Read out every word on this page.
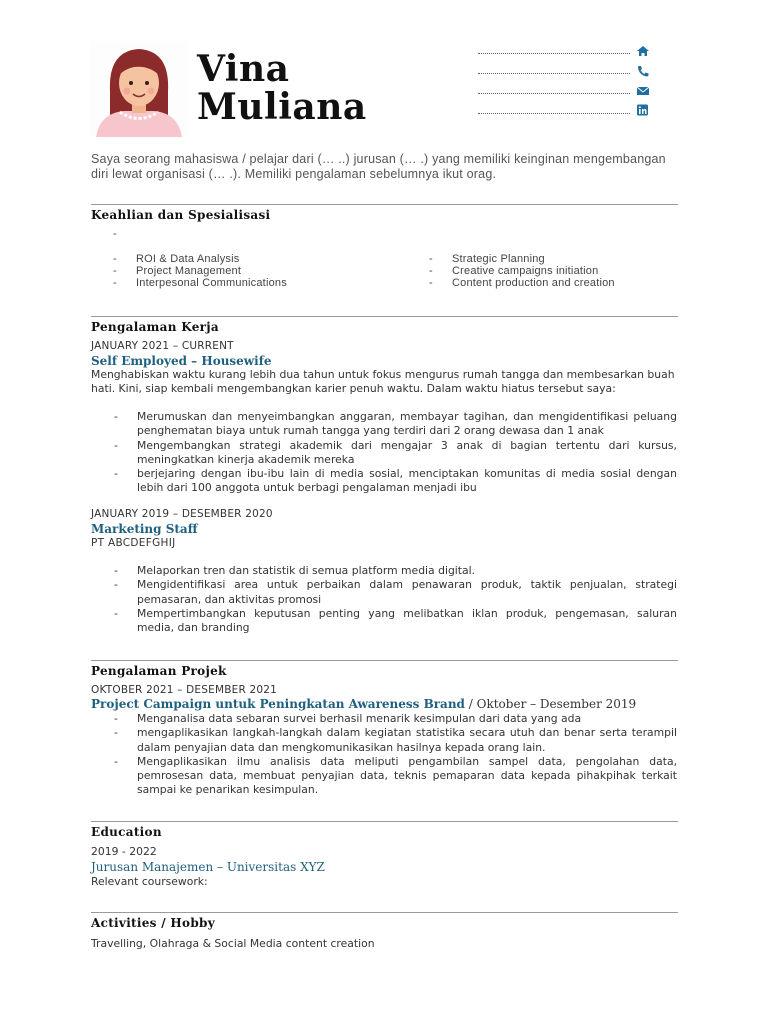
Vina
Muliana
Saya seorang mahasiswa / pelajar dari (… ..) jurusan (… .) yang memiliki keinginan mengembangan diri lewat organisasi (… .). Memiliki pengalaman sebelumnya ikut orag.
Keahlian dan Spesialisasi
-
-
-
-
ROI & Data Analysis
Project Management
Interpesonal Communications
-
-
-
Strategic Planning
Creative campaigns initiation
Content production and creation
Pengalaman Kerja
JANUARY 2021 – CURRENT
Self Employed – Housewife
Menghabiskan waktu kurang lebih dua tahun untuk fokus mengurus rumah tangga dan membesarkan buah hati. Kini, siap kembali mengembangkan karier penuh waktu. Dalam waktu hiatus tersebut saya:
- Merumuskan dan menyeimbangkan anggaran, membayar tagihan, dan mengidentifikasi peluang penghematan biaya untuk rumah tangga yang terdiri dari 2 orang dewasa dan 1 anak
- Mengembangkan strategi akademik dari mengajar 3 anak di bagian tertentu dari kursus, meningkatkan kinerja akademik mereka
- berjejaring dengan ibu-ibu lain di media sosial, menciptakan komunitas di media sosial dengan lebih dari 100 anggota untuk berbagi pengalaman menjadi ibu
JANUARY 2019 – DESEMBER 2020
Marketing Staff
PT ABCDEFGHIJ
- Melaporkan tren dan statistik di semua platform media digital.
- Mengidentifikasi area untuk perbaikan dalam penawaran produk, taktik penjualan, strategi pemasaran, dan aktivitas promosi
- Mempertimbangkan keputusan penting yang melibatkan iklan produk, pengemasan, saluran media, dan branding
Pengalaman Projek
OKTOBER 2021 – DESEMBER 2021
Project Campaign untuk Peningkatan Awareness Brand / Oktober – Desember 2019
- Menganalisa data sebaran survei berhasil menarik kesimpulan dari data yang ada
- mengaplikasikan langkah-langkah dalam kegiatan statistika secara utuh dan benar serta terampil dalam penyajian data dan mengkomunikasikan hasilnya kepada orang lain.
- Mengaplikasikan ilmu analisis data meliputi pengambilan sampel data, pengolahan data, pemrosesan data, membuat penyajian data, teknis pemaparan data kepada pihakpihak terkait sampai ke penarikan kesimpulan.
Education
2019 - 2022
Jurusan Manajemen – Universitas XYZ
Relevant coursework:
Activities / Hobby
Travelling, Olahraga & Social Media content creation
